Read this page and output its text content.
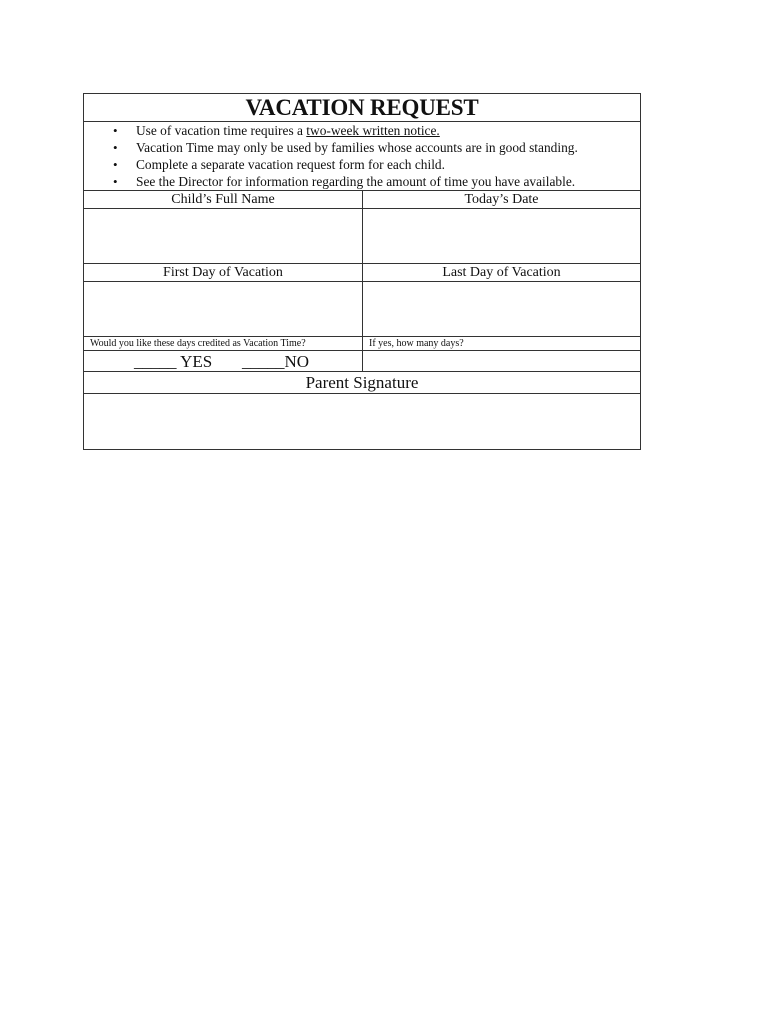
VACATION REQUEST
• Use of vacation time requires a two-week written notice.
• Vacation Time may only be used by families whose accounts are in good standing.
• Complete a separate vacation request form for each child.
• See the Director for information regarding the amount of time you have available.
Child’s Full Name	Today’s Date
First Day of Vacation	Last Day of Vacation
Would you like these days credited as Vacation Time?	If yes, how many days?
_____ YES _____NO
Parent Signature
